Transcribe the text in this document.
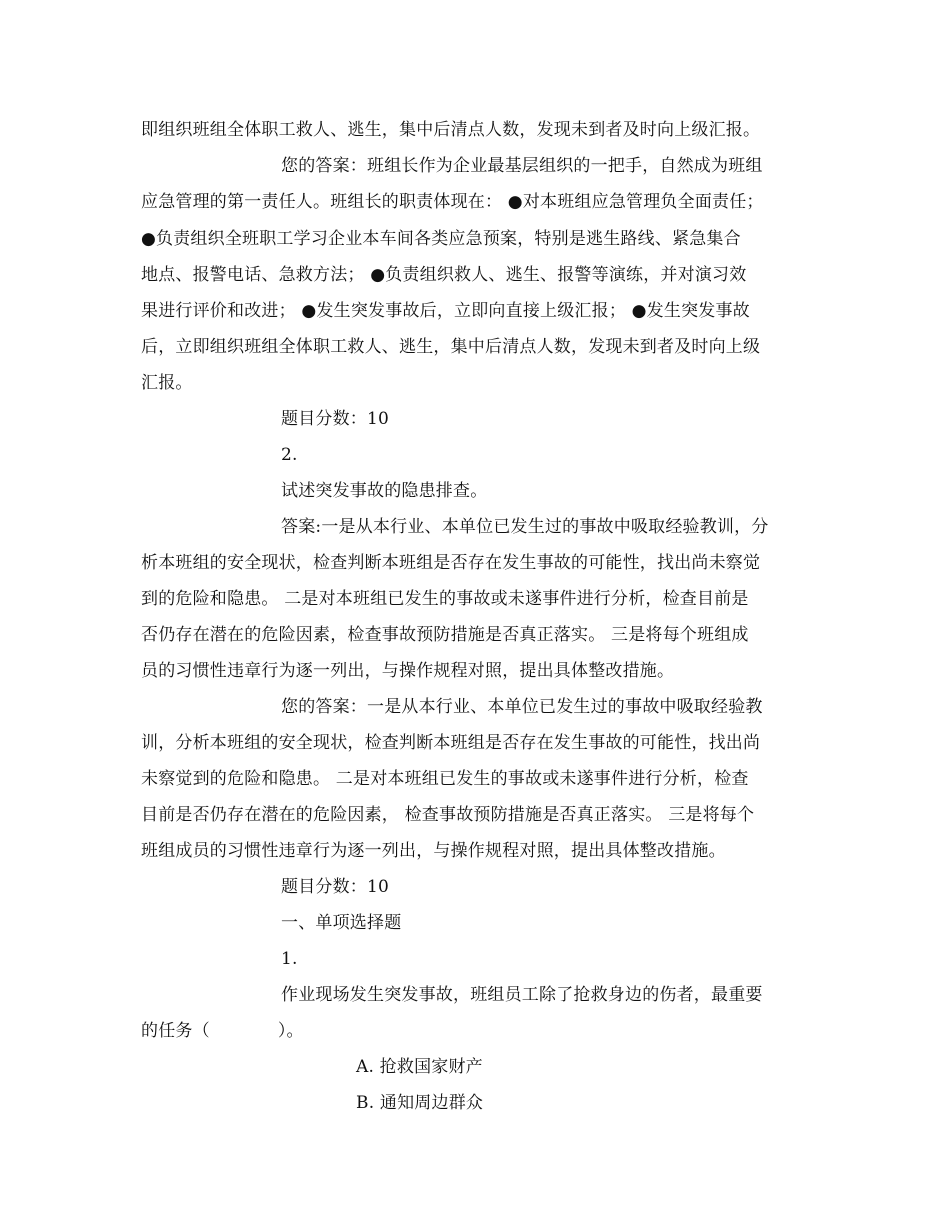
即组织班组全体职工救人、逃生，集中后清点人数，发现未到者及时向上级汇报。
您的答案：班组长作为企业最基层组织的一把手，自然成为班组
应急管理的第一责任人。班组长的职责体现在： ●对本班组应急管理负全面责任；
●负责组织全班职工学习企业本车间各类应急预案，特别是逃生路线、紧急集合
地点、报警电话、急救方法； ●负责组织救人、逃生、报警等演练，并对演习效
果进行评价和改进； ●发生突发事故后，立即向直接上级汇报； ●发生突发事故
后，立即组织班组全体职工救人、逃生，集中后清点人数，发现未到者及时向上级
汇报。
题目分数：10
2.
试述突发事故的隐患排查。
答案:一是从本行业、本单位已发生过的事故中吸取经验教训，分
析本班组的安全现状，检查判断本班组是否存在发生事故的可能性，找出尚未察觉
到的危险和隐患。 二是对本班组已发生的事故或未遂事件进行分析，检查目前是
否仍存在潜在的危险因素，检查事故预防措施是否真正落实。 三是将每个班组成
员的习惯性违章行为逐一列出，与操作规程对照，提出具体整改措施。
您的答案：一是从本行业、本单位已发生过的事故中吸取经验教
训，分析本班组的安全现状，检查判断本班组是否存在发生事故的可能性，找出尚
未察觉到的危险和隐患。 二是对本班组已发生的事故或未遂事件进行分析，检查
目前是否仍存在潜在的危险因素， 检查事故预防措施是否真正落实。 三是将每个
班组成员的习惯性违章行为逐一列出，与操作规程对照，提出具体整改措施。
题目分数：10
一、单项选择题
1.
作业现场发生突发事故，班组员工除了抢救身边的伤者，最重要
的任务（	）。
A. 抢救国家财产
B. 通知周边群众
